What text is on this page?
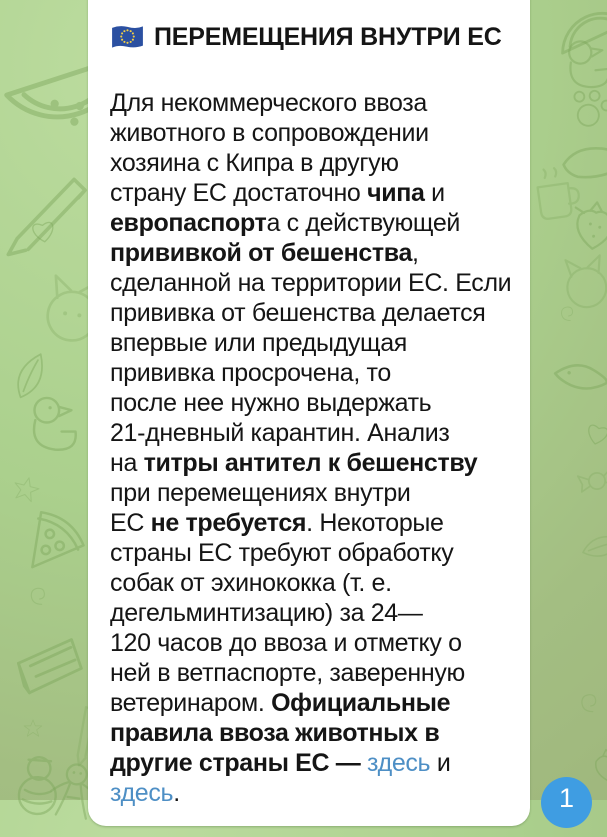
ПЕРЕМЕЩЕНИЯ ВНУТРИ ЕС
Для некоммерческого ввоза
животного в сопровождении
хозяина с Кипра в другую
страну ЕС достаточно чипа и
европаспорта с действующей
прививкой от бешенства,
сделанной на территории ЕС. Если
прививка от бешенства делается
впервые или предыдущая
прививка просрочена, то
после нее нужно выдержать
21-дневный карантин. Анализ
на титры антител к бешенству
при перемещениях внутри
ЕС не требуется. Некоторые
страны ЕС требуют обработку
собак от эхинококка (т. е.
дегельминтизацию) за 24—
120 часов до ввоза и отметку о
ней в ветпаспорте, заверенную
ветеринаром. Официальные
правила ввоза животных в
другие страны ЕС — здесь и
здесь.	1
